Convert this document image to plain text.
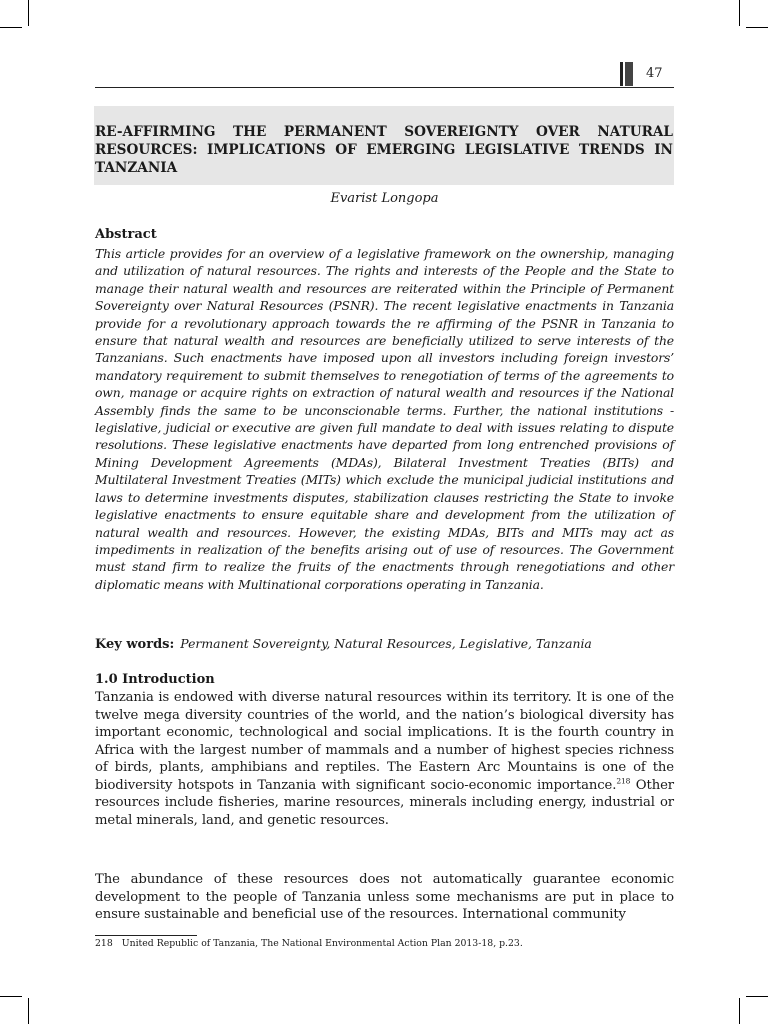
47
RE-AFFIRMING THE PERMANENT SOVEREIGNTY OVER NATURAL RESOURCES: IMPLICATIONS OF EMERGING LEGISLATIVE TRENDS IN TANZANIA
Evarist Longopa
Abstract

This article provides for an overview of a legislative framework on the ownership, managing and utilization of natural resources. The rights and interests of the People and the State to manage their natural wealth and resources are reiterated within the Principle of Permanent Sovereignty over Natural Resources (PSNR). The recent legislative enactments in Tanzania provide for a revolutionary approach towards the re affirming of the PSNR in Tanzania to ensure that natural wealth and resources are beneficially utilized to serve interests of the Tanzanians. Such enactments have imposed upon all investors including foreign investors’ mandatory requirement to submit themselves to renegotiation of terms of the agreements to own, manage or acquire rights on extraction of natural wealth and resources if the National Assembly finds the same to be unconscionable terms. Further, the national institutions -legislative, judicial or executive are given full mandate to deal with issues relating to dispute resolutions. These legislative enactments have departed from long entrenched provisions of Mining Development Agreements (MDAs), Bilateral Investment Treaties (BITs) and Multilateral Investment Treaties (MITs) which exclude the municipal judicial institutions and laws to determine investments disputes, stabilization clauses restricting the State to invoke legislative enactments to ensure equitable share and development from the utilization of natural wealth and resources. However, the existing MDAs, BITs and MITs may act as impediments in realization of the benefits arising out of use of resources. The Government must stand firm to realize the fruits of the enactments through renegotiations and other diplomatic means with Multinational corporations operating in Tanzania.

Key words: Permanent Sovereignty, Natural Resources, Legislative, Tanzania
1.0 Introduction

Tanzania is endowed with diverse natural resources within its territory. It is one of the twelve mega diversity countries of the world, and the nation’s biological diversity has important economic, technological and social implications. It is the fourth country in Africa with the largest number of mammals and a number of highest species richness of birds, plants, amphibians and reptiles. The Eastern Arc Mountains is one of the biodiversity hotspots in Tanzania with significant socio-economic importance.$^{218}$ Other resources include fisheries, marine resources, minerals including energy, industrial or metal minerals, land, and genetic resources.

The abundance of these resources does not automatically guarantee economic development to the people of Tanzania unless some mechanisms are put in place to ensure sustainable and beneficial use of the resources. International community

218 United Republic of Tanzania, The National Environmental Action Plan 2013-18, p.23.
